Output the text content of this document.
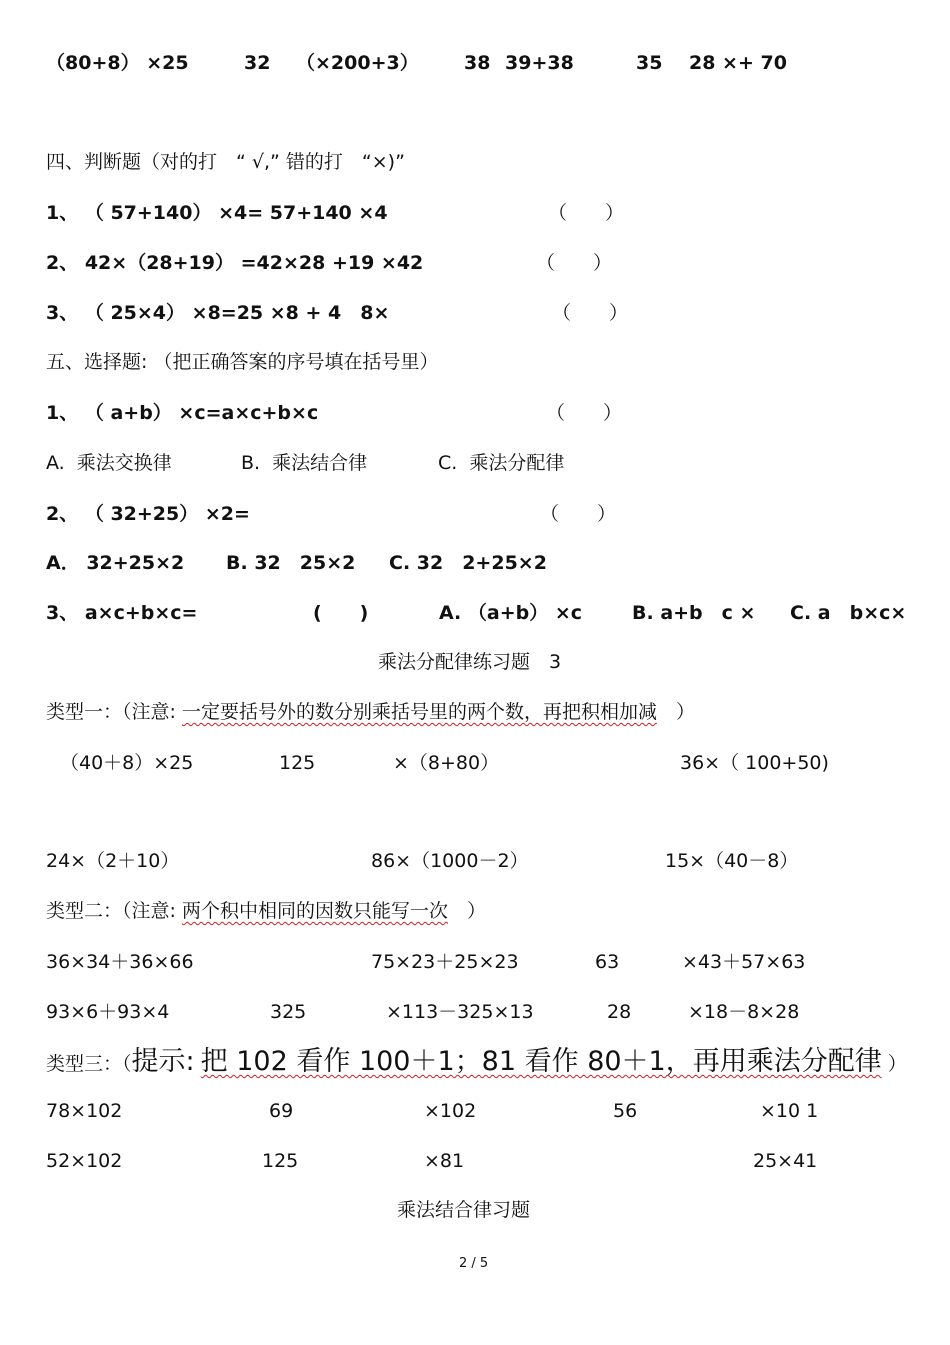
（80+8） ×25	32 （×200+3） 38 39+38	35 28 ×+ 70
四、判断题（对的打　“ √,” 错的打　“×)”
1、 （ 57+140） ×4= 57+140 ×4	（　　）
2、 42×（28+19） =42×28 +19 ×42	（　　）
3、 （ 25×4） ×8=25 ×8 + 4　8×	（　　）
五、选择题: （把正确答案的序号填在括号里）
1、 （ a+b） ×c=a×c+b×c	（　　）
A.  乘法交换律	B.  乘法结合律	C.  乘法分配律
2、 （ 32+25） ×2=	（　　）
A． 32+25×2 B. 32　25×2 C. 32　2+25×2
3、 a×c+b×c=	(　　)	A. （a+b） ×c	B. a+b　c × C. a　b×c×
乘法分配律练习题　3
类型一：（注意: 一定要括号外的数分别乘括号里的两个数，再把积相加减　 ）
（40＋8）×25	125	×（8+80）	36×（ 100+50)
24×（2＋10）	86×（1000－2）	15×（40－8）
类型二：（注意: 两个积中相同的因数只能写一次　 ）
36×34＋36×66	75×23＋25×23	63	×43＋57×63
93×6＋93×4	325	×113－325×13	28	×18－8×28
类型三：（提示: 把 102 看作 100＋1；81 看作 80＋1，再用乘法分配律 ）
78×102	69	×102	56	×10 1
52×102	125	×81	25×41
乘法结合律习题
2 / 5
